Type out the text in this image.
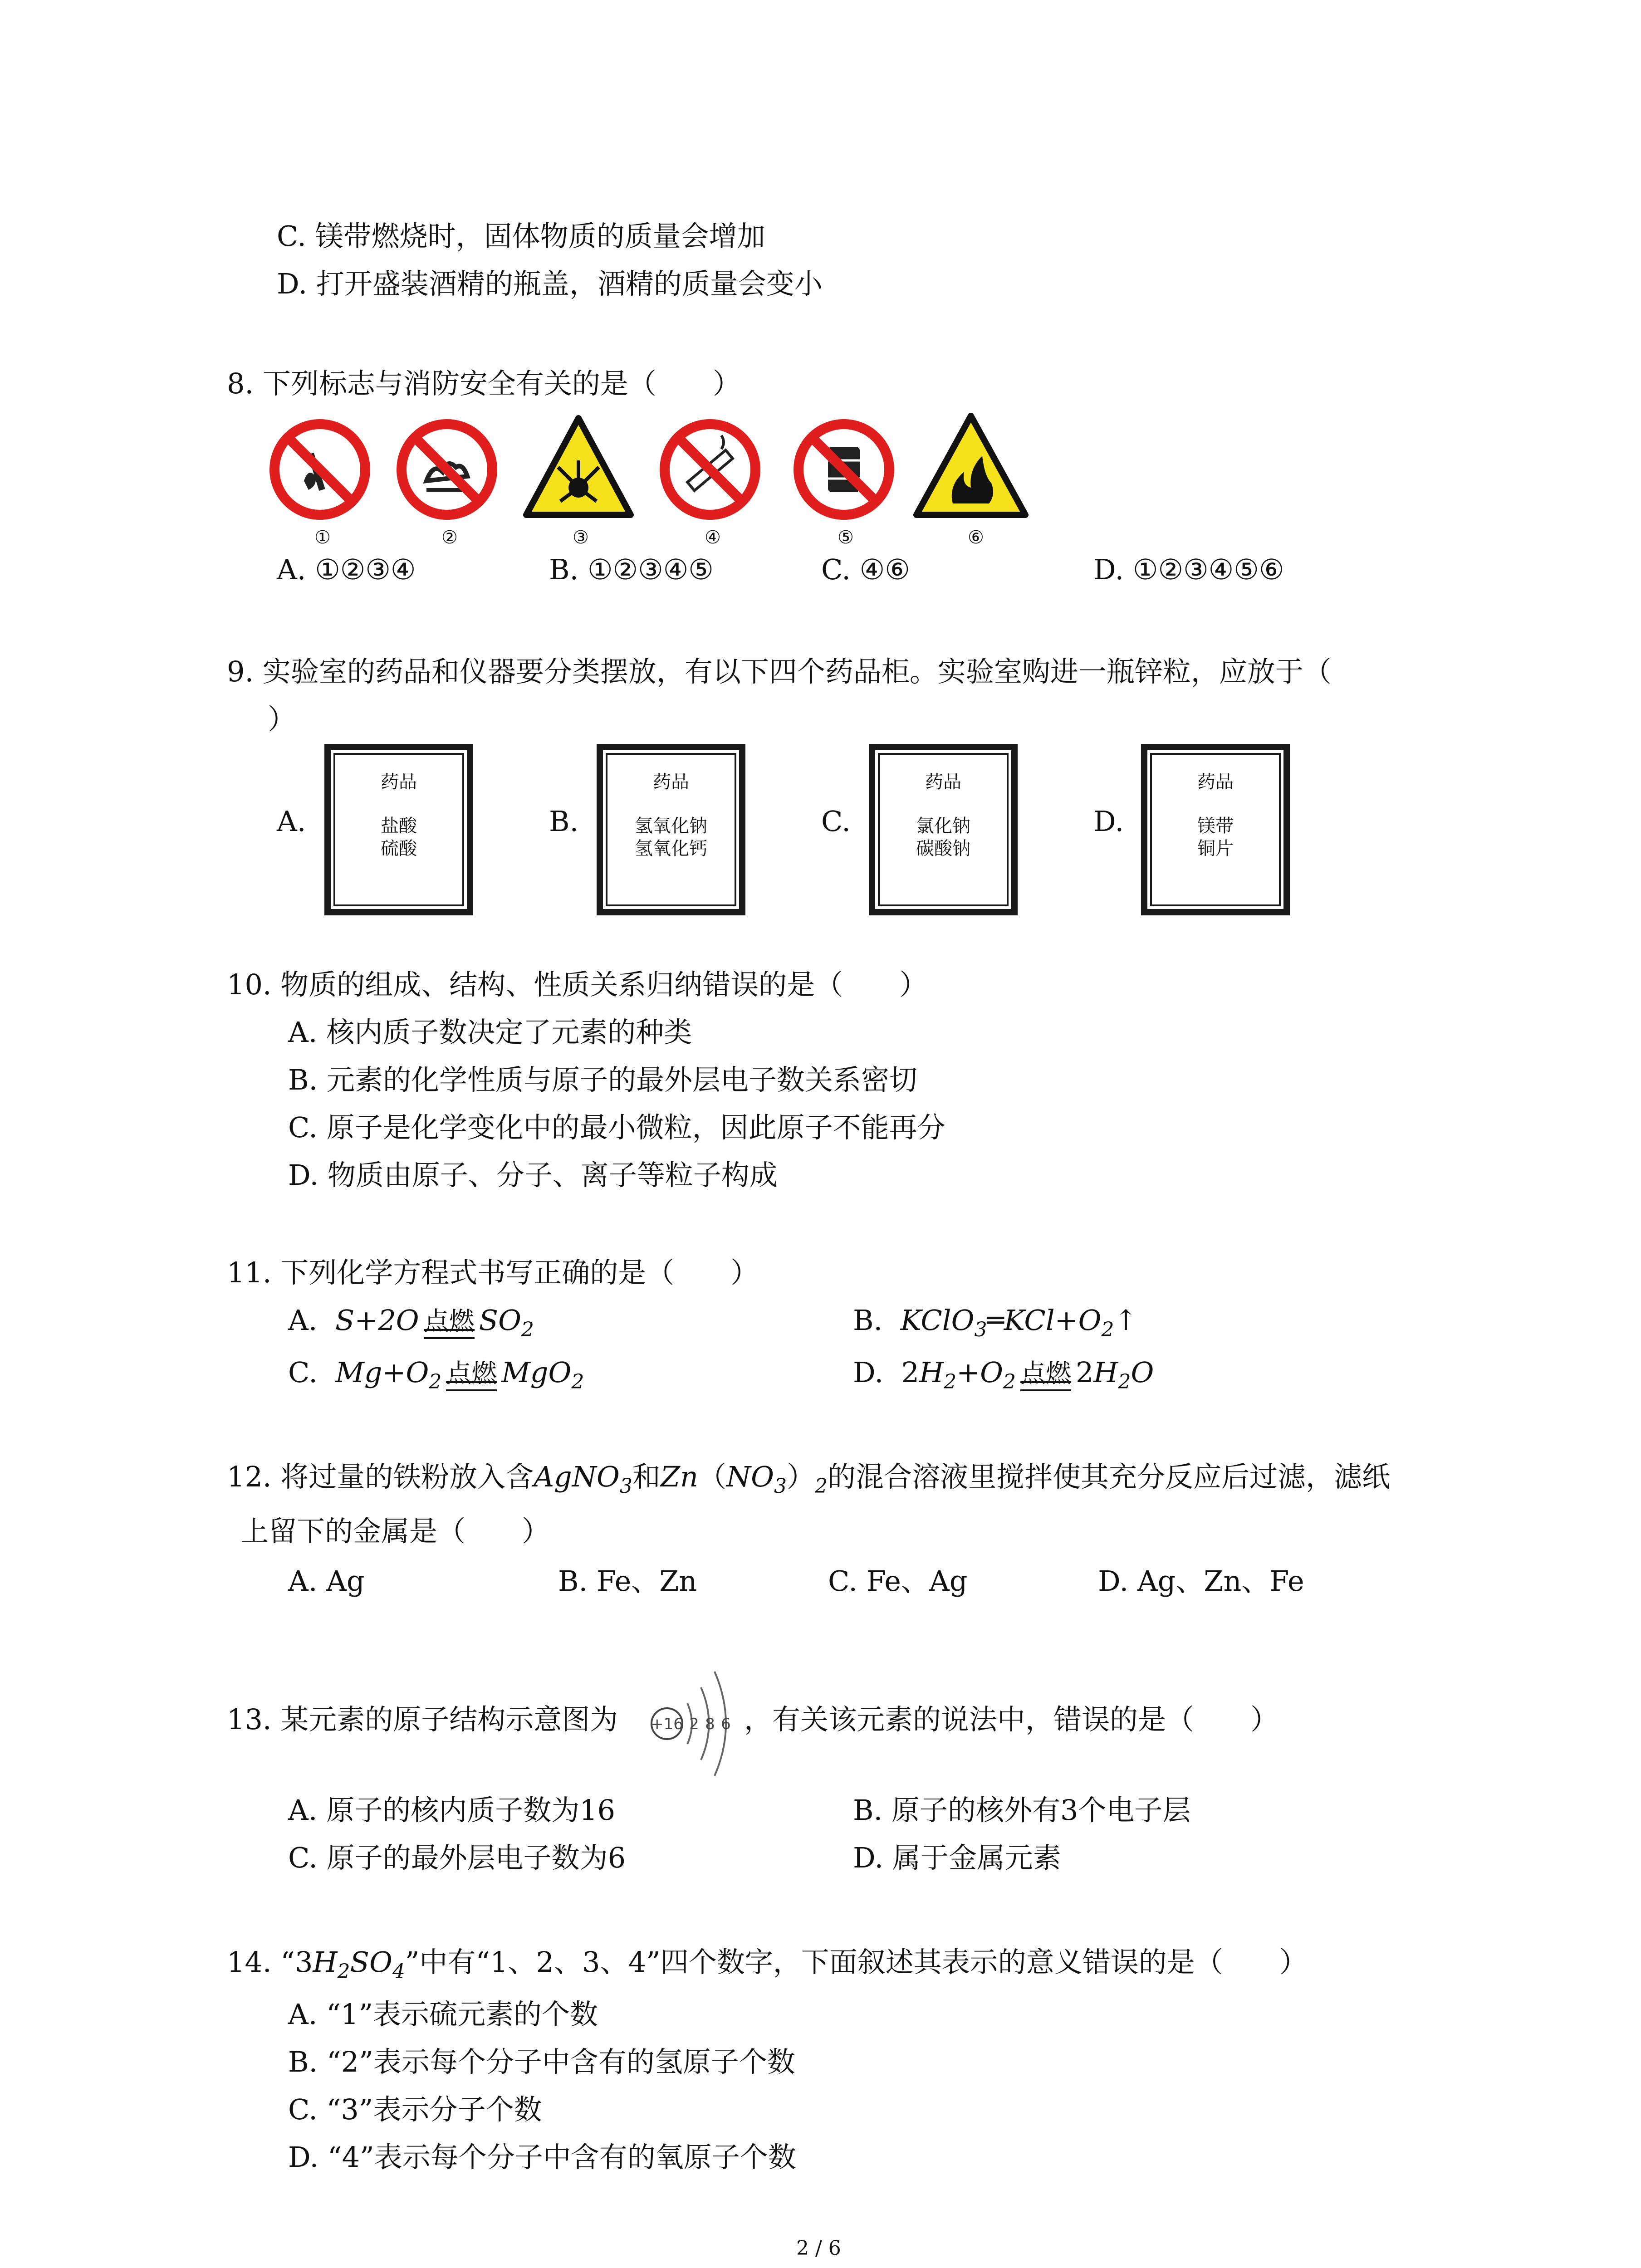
C. 镁带燃烧时，固体物质的质量会增加
D. 打开盛装酒精的瓶盖，酒精的质量会变小
8. 下列标志与消防安全有关的是（　　）
①	②	③	④	⑤	⑥
A. ①②③④	B. ①②③④⑤	C. ④⑥	D. ①②③④⑤⑥
9. 实验室的药品和仪器要分类摆放，有以下四个药品柜。实验室购进一瓶锌粒，应放于（
）
A.
药品
盐酸
硫酸
B.
药品
氢氧化钠
氢氧化钙
C.
药品
氯化钠
碳酸钠
D.
药品
镁带
铜片
10. 物质的组成、结构、性质关系归纳错误的是（　　）
A. 核内质子数决定了元素的种类
B. 元素的化学性质与原子的最外层电子数关系密切
C. 原子是化学变化中的最小微粒，因此原子不能再分
D. 物质由原子、分子、离子等粒子构成
11. 下列化学方程式书写正确的是（　　）
A.  S+2O 点燃 $SO_2$	B.  $KClO_3═KCl+O_2↑$
C.  $Mg+O_2$ 点燃 MgO$_2$	D.  $2H_2+O_2$ 点燃 $2H_2O$
12. 将过量的铁粉放入含AgNO$_3$和$Zn(NO_3)_2$的混合溶液里搅拌使其充分反应后过滤，滤纸
上留下的金属是（　　）
A. Ag	B. Fe、Zn	C. Fe、Ag	D. Ag、Zn、Fe
13. 某元素的原子结构示意图为 +16 2 8 6 ，有关该元素的说法中，错误的是（　　）
A. 原子的核内质子数为16	B. 原子的核外有3个电子层
C. 原子的最外层电子数为6	D. 属于金属元素
14. “$3H_2SO_4$”中有“1、2、3、4”四个数字，下面叙述其表示的意义错误的是（　　）
A. “1”表示硫元素的个数
B. “2”表示每个分子中含有的氢原子个数
C. “3”表示分子个数
D. “4”表示每个分子中含有的氧原子个数
2 / 6
